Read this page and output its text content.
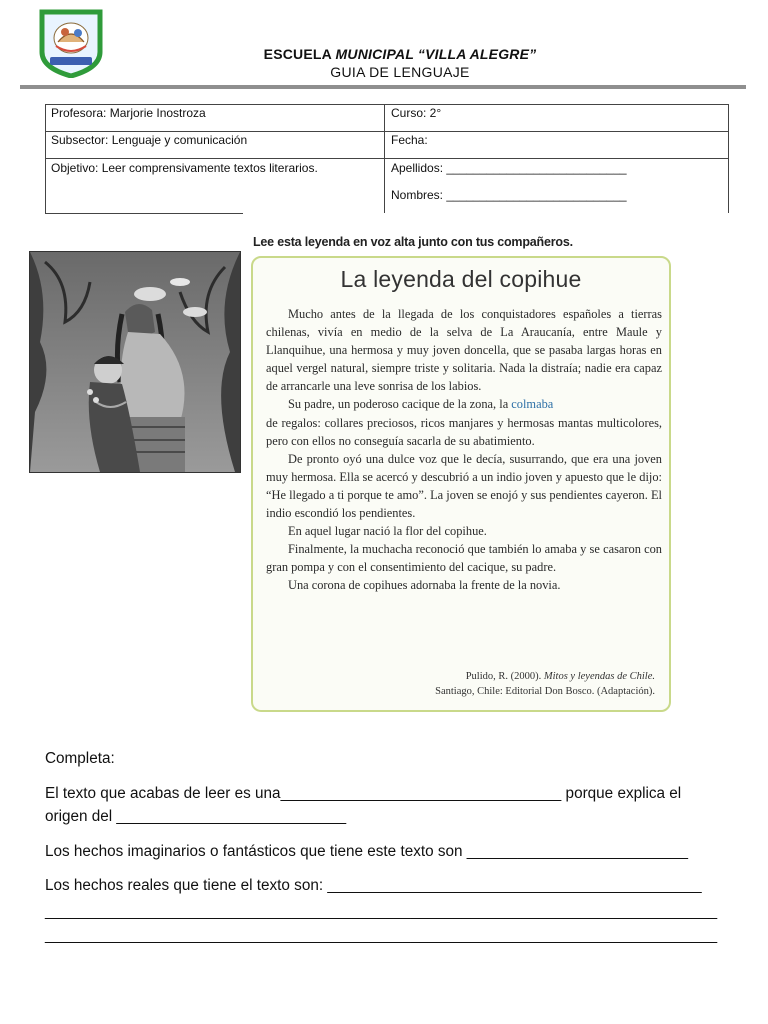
ESCUELA MUNICIPAL “VILLA ALEGRE”
GUIA DE LENGUAJE
Profesora: Marjorie Inostroza	Curso: 2°
Subsector: Lenguaje y comunicación	Fecha:
Objetivo: Leer comprensivamente textos literarios.	Apellidos: ___________________________
Nombres: ___________________________
Lee esta leyenda en voz alta junto con tus compañeros.
La leyenda del copihue

Mucho antes de la llegada de los conquistadores españoles a tierras chilenas, vivía en medio de la selva de La Araucanía, entre Maule y Llanquihue, una hermosa y muy joven doncella, que se pasaba largas horas en aquel vergel natural, siempre triste y solitaria. Nada la distraía; nadie era capaz de arrancarle una leve sonrisa de los labios.

Su padre, un poderoso cacique de la zona, la colmaba

de regalos: collares preciosos, ricos manjares y hermosas mantas multicolores, pero con ellos no conseguía sacarla de su abatimiento.

De pronto oyó una dulce voz que le decía, susurrando, que era una joven muy hermosa. Ella se acercó y descubrió a un indio joven y apuesto que le dijo: “He llegado a ti porque te amo”. La joven se enojó y sus pendientes cayeron. El indio escondió los pendientes.

En aquel lugar nació la flor del copihue.

Finalmente, la muchacha reconoció que también lo amaba y se casaron con gran pompa y con el consentimiento del cacique, su padre.

Una corona de copihues adornaba la frente de la novia.

Pulido, R. (2000). Mitos y leyendas de Chile.
Santiago, Chile: Editorial Don Bosco. (Adaptación).
Completa:
El texto que acabas de leer es una_________________________________ porque explica el
origen del ___________________________
Los hechos imaginarios o fantásticos que tiene este texto son __________________________
Los hechos reales que tiene el texto son: ____________________________________________
_______________________________________________________________________________
_______________________________________________________________________________
